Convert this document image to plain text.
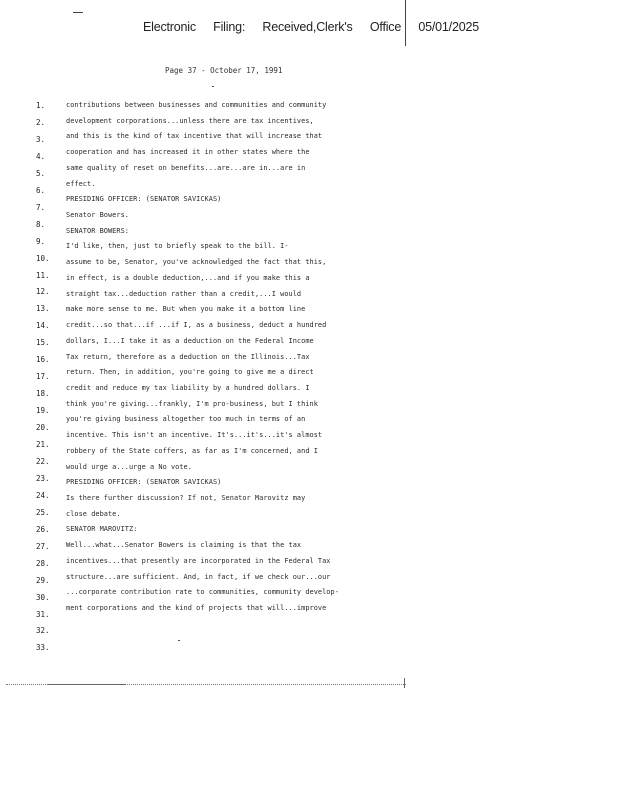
Electronic Filing: Received,Clerk's Office 05/01/2025
Page 37 - October 17, 1991
1.	contributions between businesses and communities and community
2.	development corporations...unless there are tax incentives,
3.	and this is the kind of tax incentive that will increase that
4.	cooperation and has increased it in other states where the
5.
same quality of reset on benefits...are...are in...are in
6.
effect.
7.
PRESIDING OFFICER: (SENATOR SAVICKAS)
8.
Senator Bowers.
9.
SENATOR BOWERS:
10.
I'd like, then, just to briefly speak to the bill. I-
11.
assume to be, Senator, you've acknowledged the fact that this,
12.
in effect, is a double deduction,...and if you make this a
13.
straight tax...deduction rather than a credit,...I would
14.
make more sense to me. But when you make it a bottom line
15.
credit...so that...if ...if I, as a business, deduct a hundred
16.
dollars, I...I take it as a deduction on the Federal Income
17.
Tax return, therefore as a deduction on the Illinois...Tax
18.
return. Then, in addition, you're going to give me a direct
19.
credit and reduce my tax liability by a hundred dollars. I
20.
think you're giving...frankly, I'm pro-business, but I think
21.
you're giving business altogether too much in terms of an
22.
incentive. This isn't an incentive. It's...it's...it's almost
23.
robbery of the State coffers, as far as I'm concerned, and I
24.
would urge a...urge a No vote.
25.
PRESIDING OFFICER: (SENATOR SAVICKAS)
26.
Is there further discussion? If not, Senator Marovitz may
27.
close debate.
28.
SENATOR MAROVITZ:
29.
Well...what...Senator Bowers is claiming is that the tax
30.
incentives...that presently are incorporated in the Federal Tax
31.
structure...are sufficient. And, in fact, if we check our...our
32.
...corporate contribution rate to communities, community develop-
33.
ment corporations and the kind of projects that will...improve
